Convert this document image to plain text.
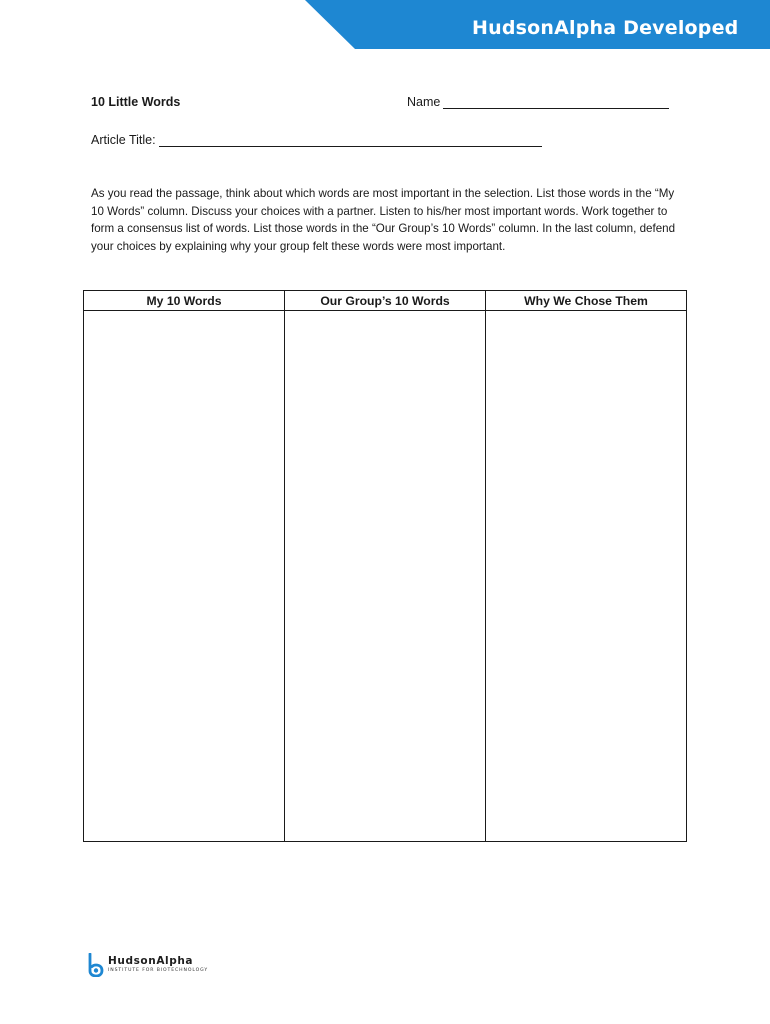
HudsonAlpha Developed
10 Little Words	Name
Article Title:

As you read the passage, think about which words are most important in the selection. List those words in the “My 10 Words” column. Discuss your choices with a partner. Listen to his/her most important words. Work together to form a consensus list of words. List those words in the “Our Group’s 10 Words” column. In the last column, defend your choices by explaining why your group felt these words were most important.

My 10 Words	Our Group’s 10 Words	Why We Chose Them

HudsonAlpha
INSTITUTE FOR BIOTECHNOLOGY
